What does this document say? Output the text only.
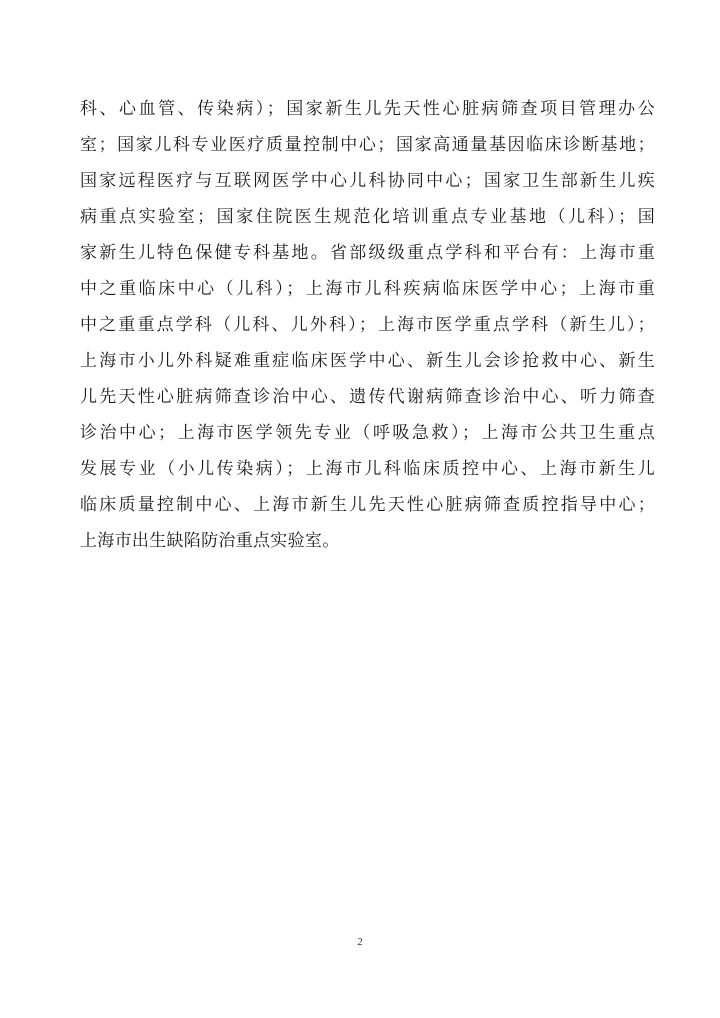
科、心血管、传染病）；国家新生儿先天性心脏病筛查项目管理办公
室；国家儿科专业医疗质量控制中心；国家高通量基因临床诊断基地；
国家远程医疗与互联网医学中心儿科协同中心；国家卫生部新生儿疾
病重点实验室；国家住院医生规范化培训重点专业基地（儿科）；国
家新生儿特色保健专科基地。省部级级重点学科和平台有：上海市重
中之重临床中心（儿科）；上海市儿科疾病临床医学中心；上海市重
中之重重点学科（儿科、儿外科）；上海市医学重点学科（新生儿）；
上海市小儿外科疑难重症临床医学中心、新生儿会诊抢救中心、新生
儿先天性心脏病筛查诊治中心、遗传代谢病筛查诊治中心、听力筛查
诊治中心；上海市医学领先专业（呼吸急救）；上海市公共卫生重点
发展专业（小儿传染病）；上海市儿科临床质控中心、上海市新生儿
临床质量控制中心、上海市新生儿先天性心脏病筛查质控指导中心；
上海市出生缺陷防治重点实验室。
2
